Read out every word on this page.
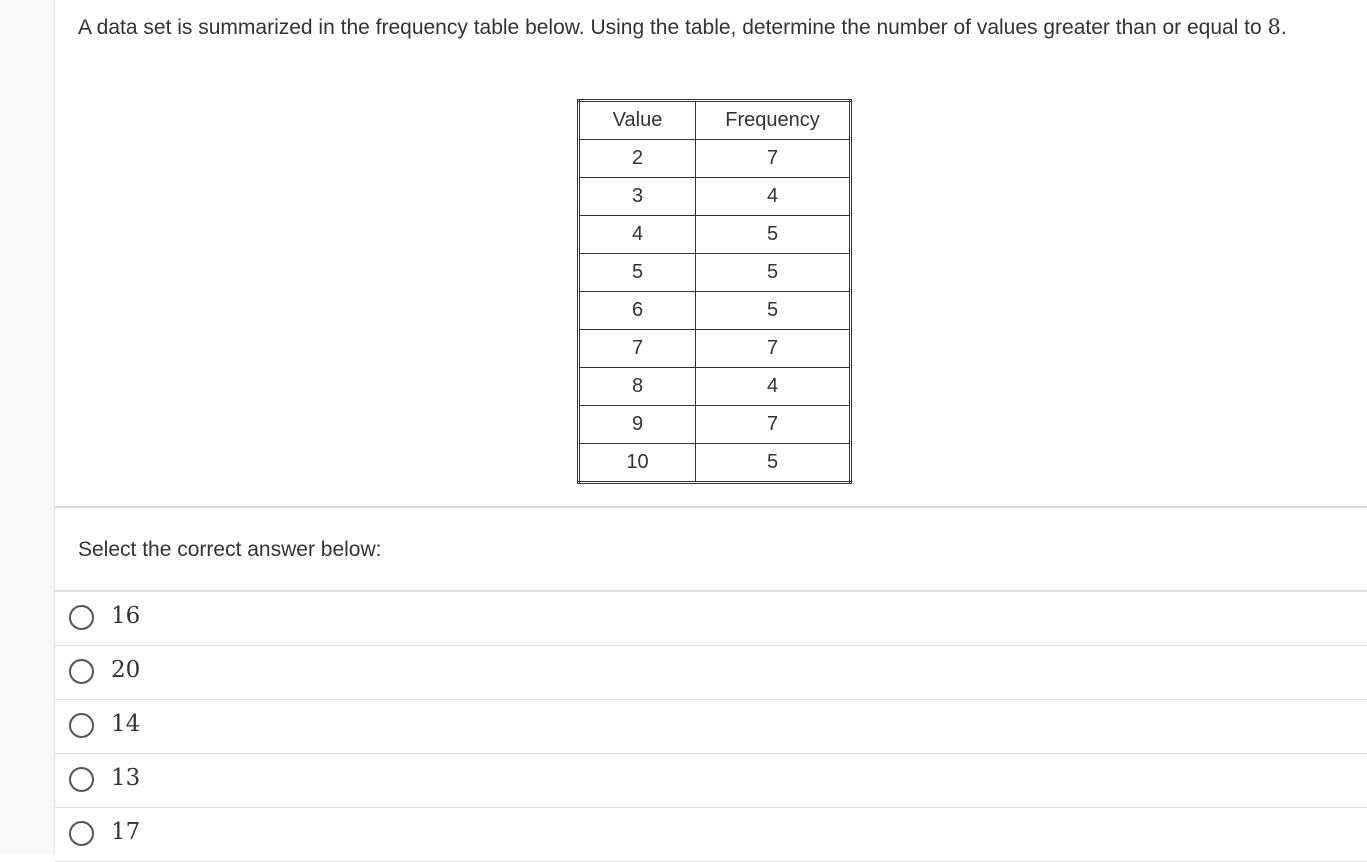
A data set is summarized in the frequency table below. Using the table, determine the number of values greater than or equal to 8.
Value	Frequency
2	7
3	4
4	5
5	5
6	5
7	7
8	4
9	7
10	5
Select the correct answer below:
16
20
14
13
17
